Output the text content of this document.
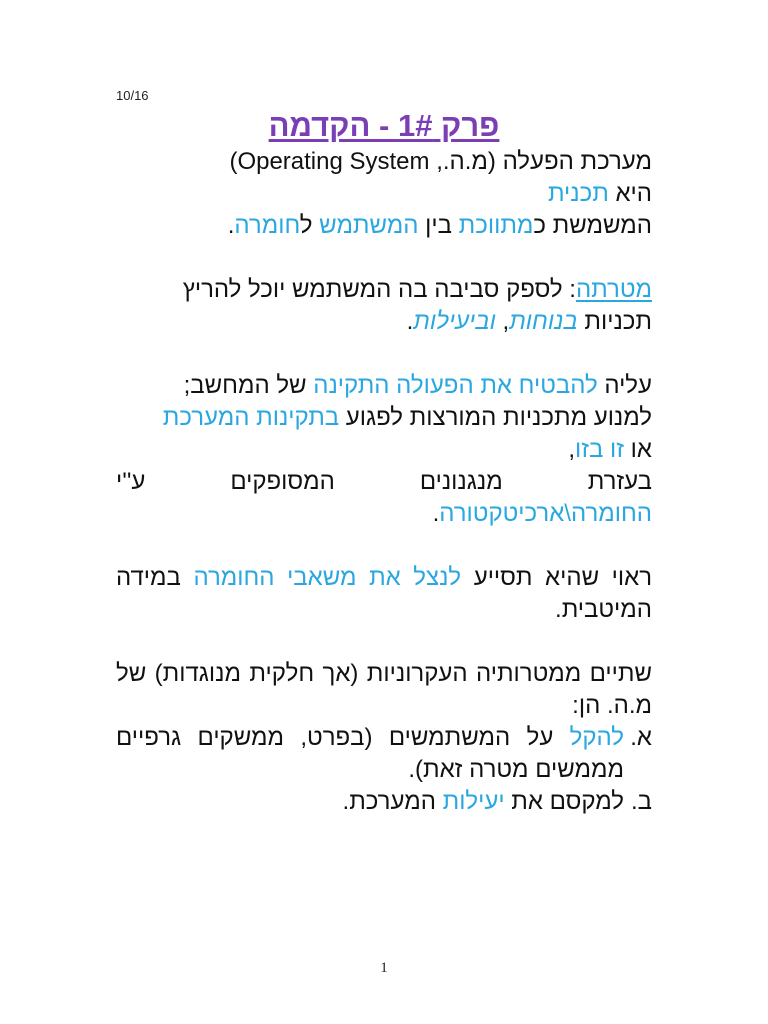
10/16
פרק 1# - הקדמה

מערכת הפעלה (מ.ה., Operating System)

היא תכנית

המשמשת כמתווכת בין המשתמש לחומרה.

מטרתה: לספק סביבה בה המשתמש יוכל להריץ תכניות בנוחות, וביעילות.

עליה להבטיח את הפעולה התקינה של המחשב;

למנוע מתכניות המורצות לפגוע בתקינות המערכת

או זו בזו,

בעזרת מנגנונים המסופקים ע''י

החומרה\ארכיטקטורה.

ראוי שהיא תסייע לנצל את משאבי החומרה במידה המיטבית.

שתיים ממטרותיה העקרוניות (אך חלקית מנוגדות) של מ.ה. הן:

א.
להקל על המשתמשים (בפרט, ממשקים גרפיים מממשים מטרה זאת).
ב.
למקסם את יעילות המערכת.
1
